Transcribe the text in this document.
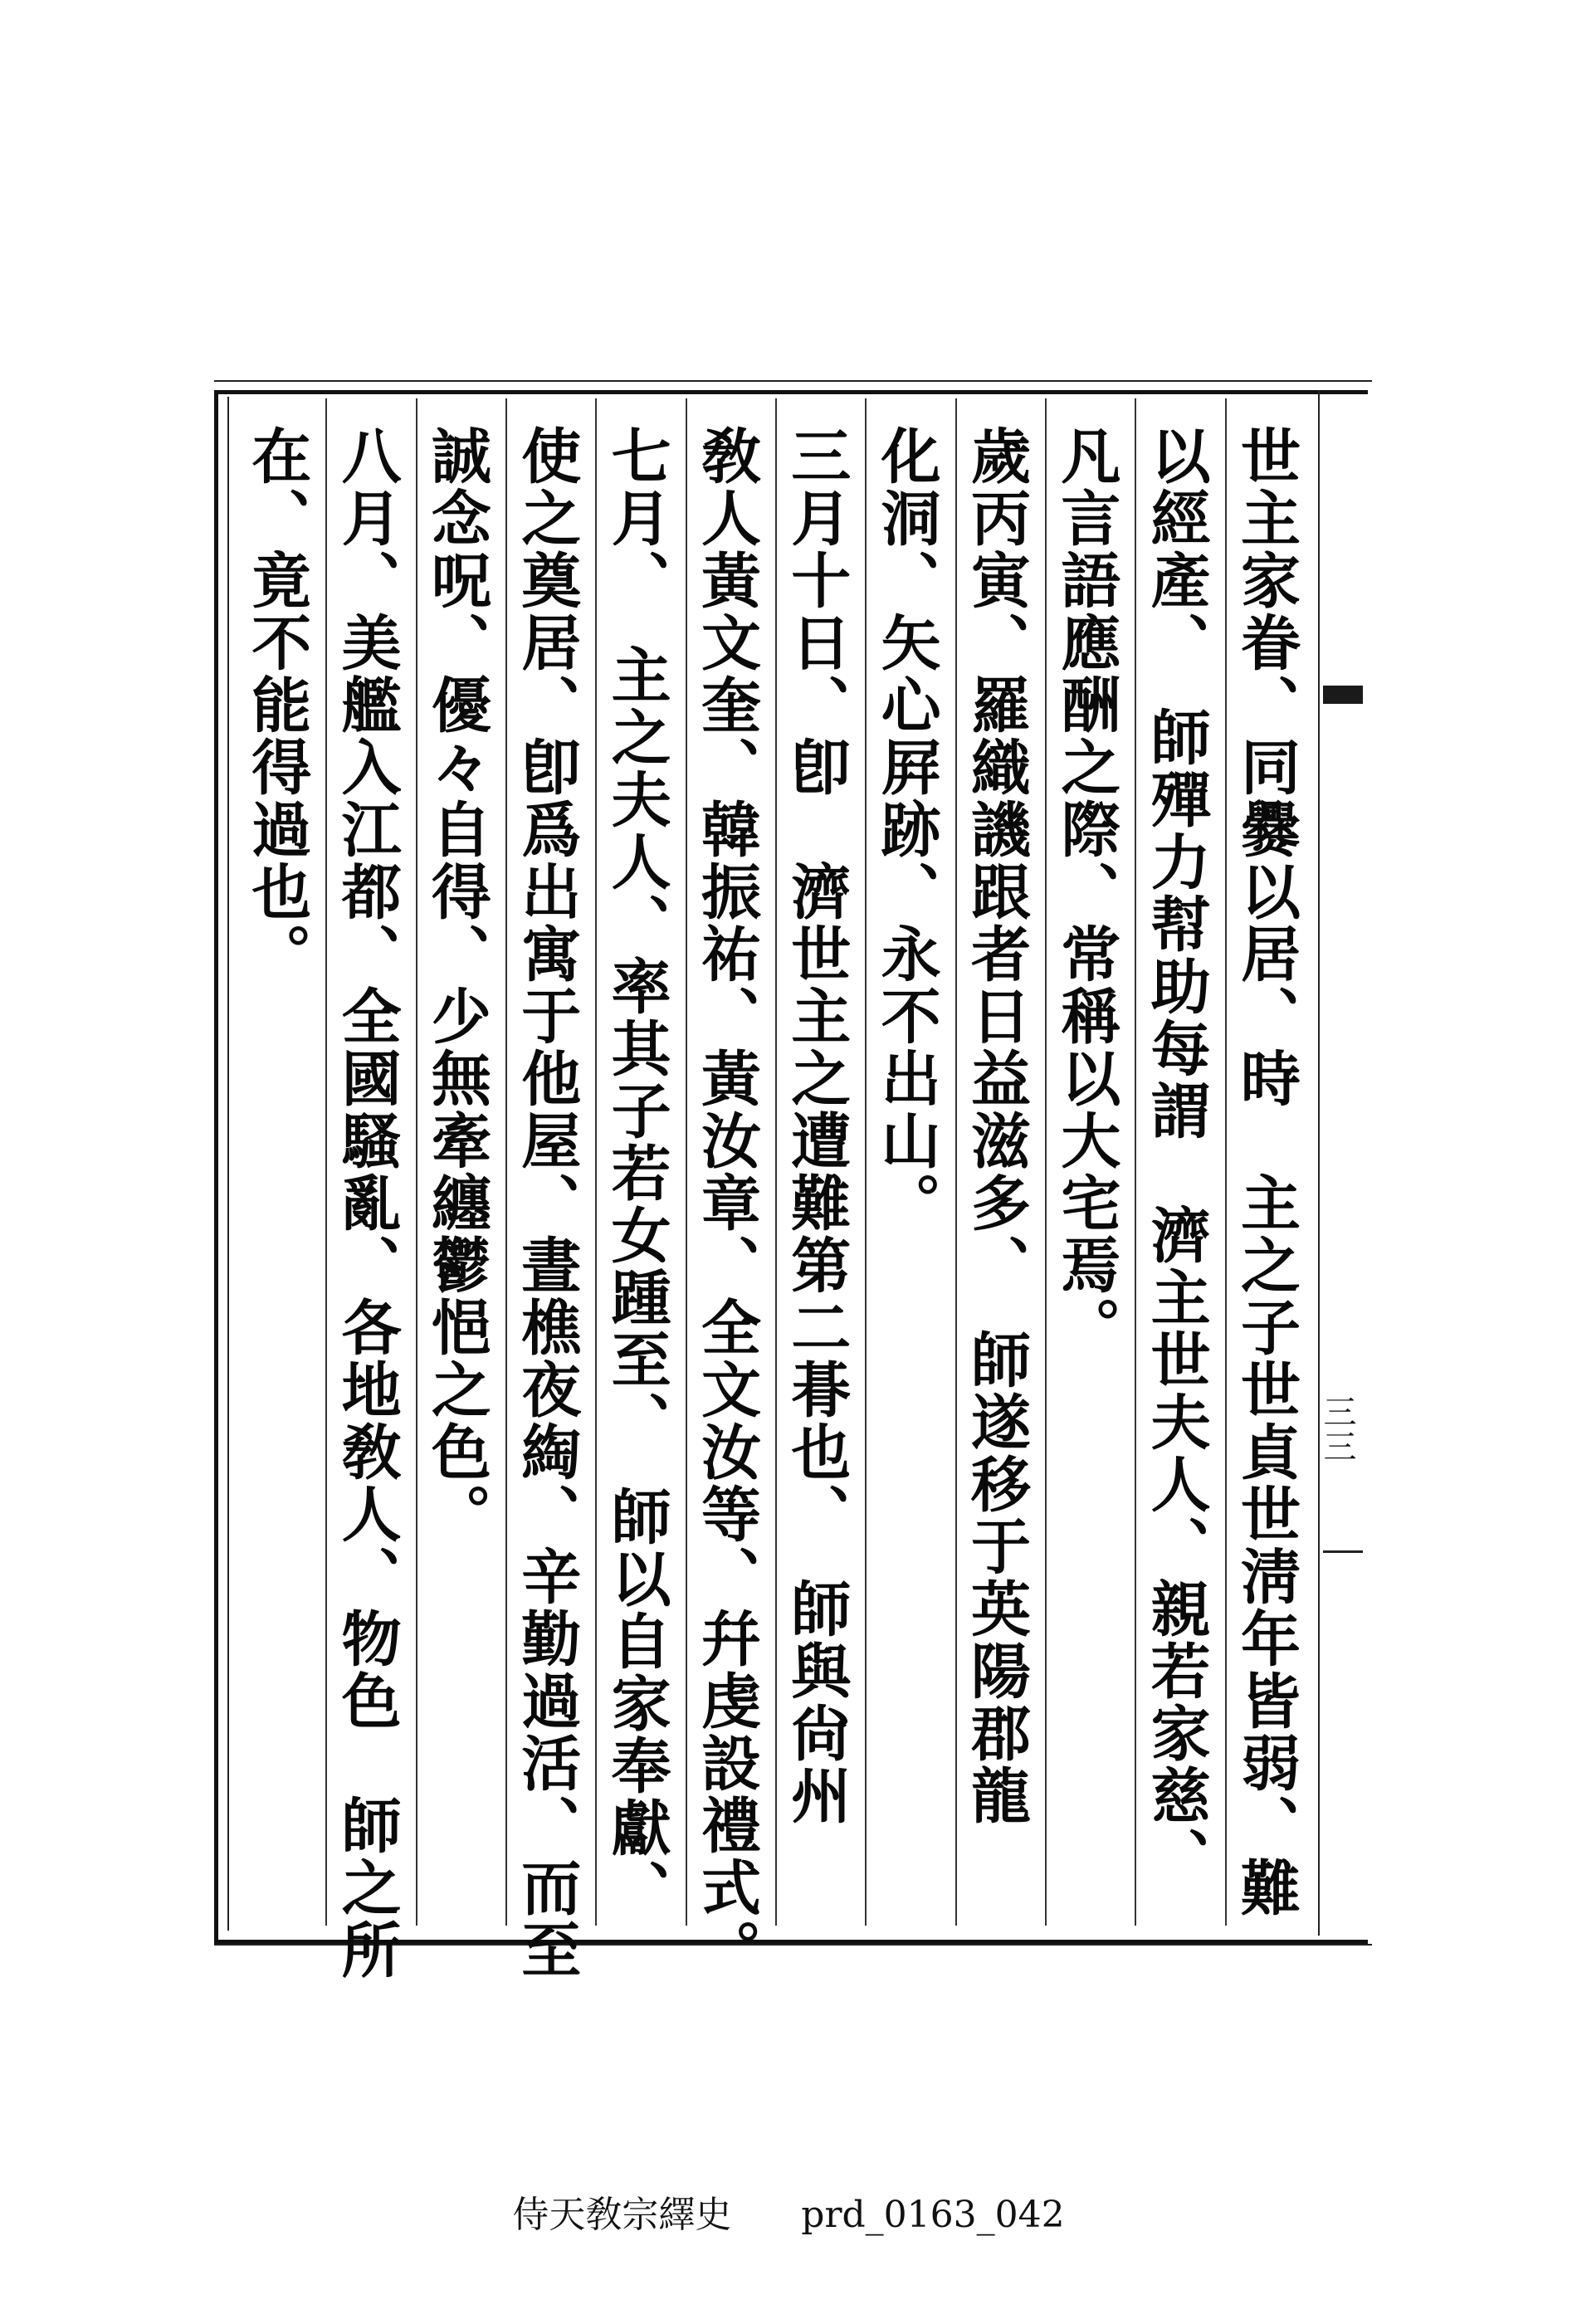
三三
世主家眷、同爨以居、時　主之子世貞世淸年皆弱、難
以經產、　師殫力幇助每謂　濟主世夫人、親若家慈、
凡言語應酬之際、常稱以大宅焉。
歲丙寅、羅織譏跟者日益滋多、　師遂移于英陽郡龍
化洞、矢心屛跡、永不出山。
三月十日、卽　濟世主之遭難第二朞也、　師與尙州
敎人黃文奎、韓振祐、黃汝章、全文汝等、幷虔設禮式。
七月、　主之夫人、率其子若女踵至、　師以自家奉獻、
使之奠居、卽爲出寓于他屋、晝樵夜綯、辛勤過活、而至
誠念呪、優々自得、少無牽纏鬱悒之色。
八月、美艦入江都、全國騷亂、各地敎人、物色　師之所
在、竟不能得過也。
侍天敎宗繹史 prd_0163_042
